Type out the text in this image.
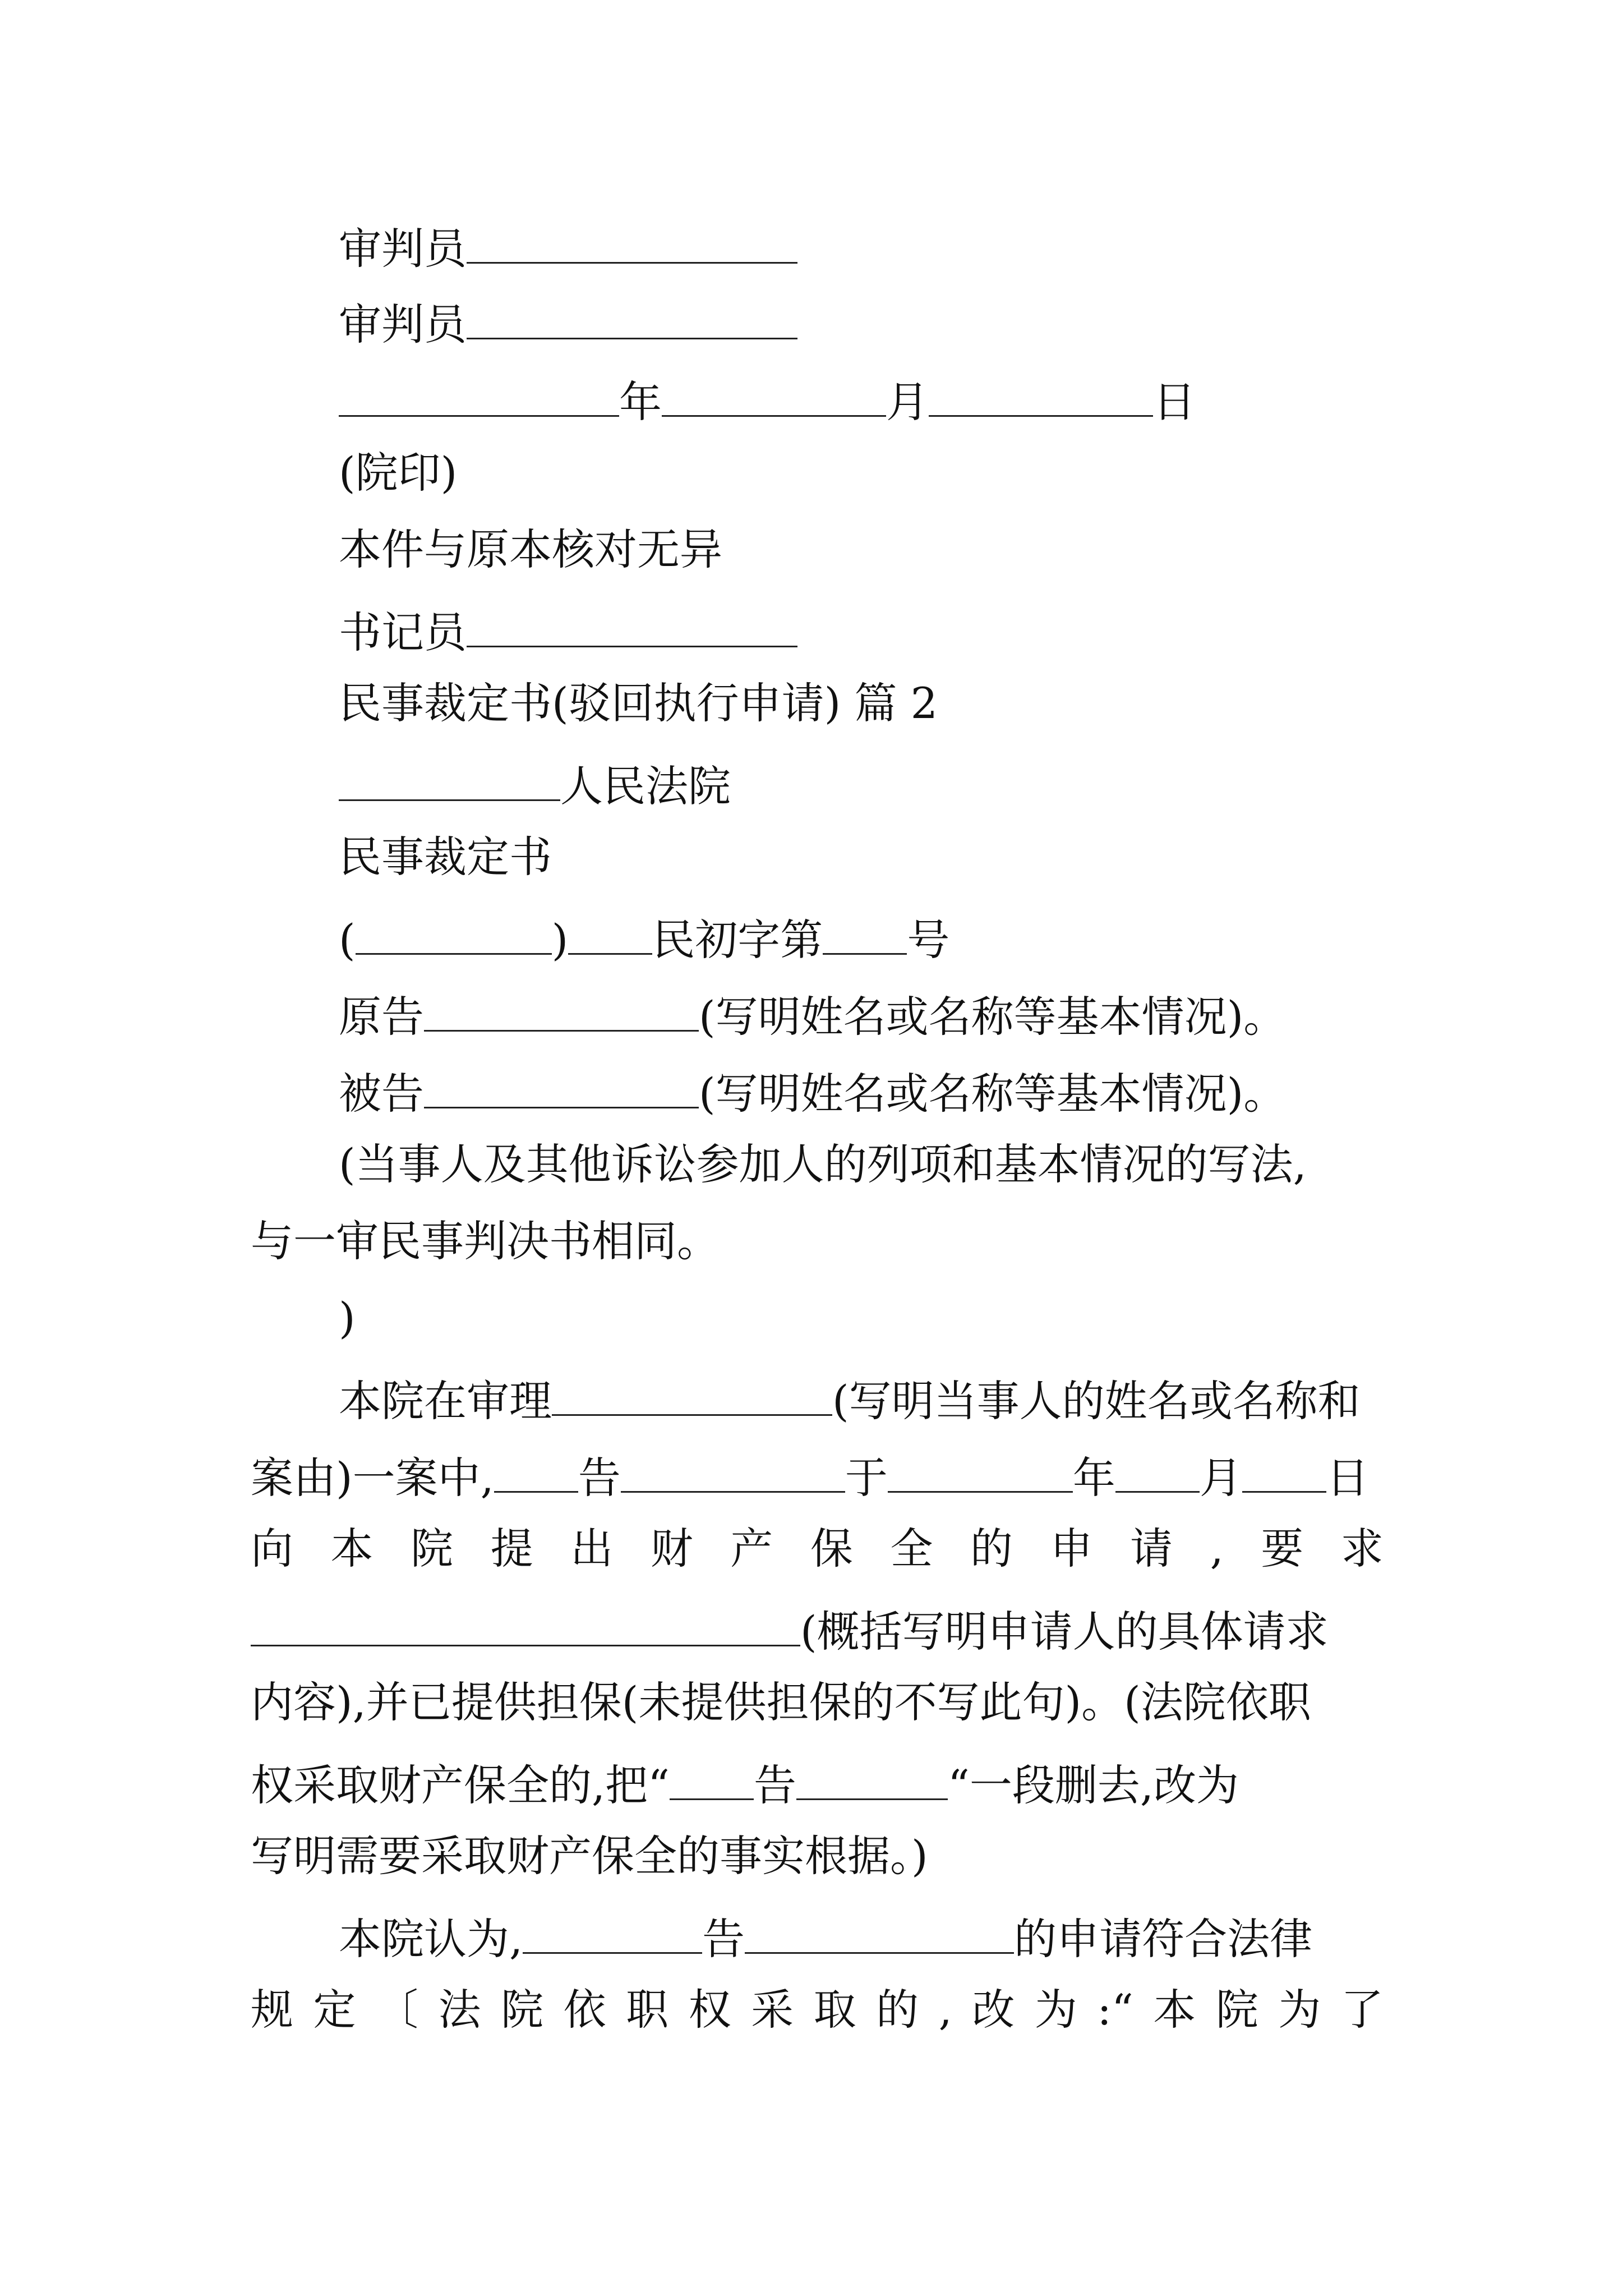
审判员
审判员
年	月	日
(院印)
本件与原本核对无异
书记员
民事裁定书(驳回执行申请) 篇 2
人民法院
民事裁定书
(	) 民初字第 号
原告	(写明姓名或名称等基本情况)。
被告	(写明姓名或名称等基本情况)。
(当事人及其他诉讼参加人的列项和基本情况的写法,
与一审民事判决书相同。
)
本院在审理	(写明当事人的姓名或名称和
案由)一案中, 告	于	年 月 日
向 本 院 提 出 财 产 保 全 的 申 请 , 要 求
(概括写明申请人的具体请求
内容),并已提供担保(未提供担保的不写此句)。(法院依职
权采取财产保全的,把“ 告	“一段删去,改为
写明需要采取财产保全的事实根据。)
本院认为,	告	的申请符合法律
规 定 〔 法 院 依 职 权 采 取 的 , 改 为 :“ 本 院 为 了
